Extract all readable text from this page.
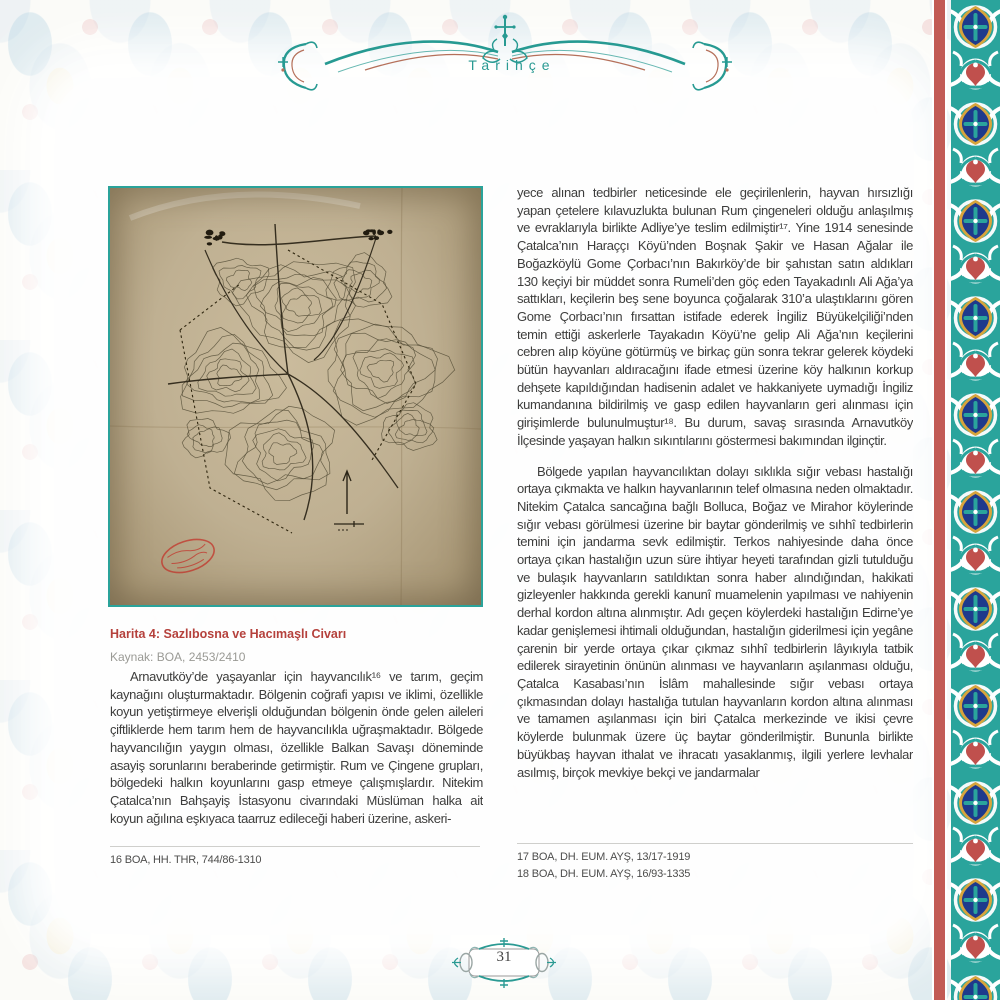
Tarihçe
Harita 4: Sazlıbosna ve Hacımaşlı Civarı
Kaynak: BOA, 2453/2410

Arnavutköy’de yaşayanlar için hayvancılık¹⁶ ve tarım, geçim kaynağını oluşturmaktadır. Bölgenin coğrafi yapısı ve iklimi, özellikle koyun yetiştirmeye elverişli olduğundan bölgenin önde gelen aileleri çiftliklerde hem tarım hem de hayvancılıkla uğraşmaktadır. Bölgede hayvancılığın yaygın olması, özellikle Balkan Savaşı döneminde asayiş sorunlarını beraberinde getirmiştir. Rum ve Çingene grupları, bölgedeki halkın koyunlarını gasp etmeye çalışmışlardır. Nitekim Çatalca’nın Bahşayiş İstasyonu civarındaki Müslüman halka ait koyun ağılına eşkıyaca taarruz edileceği haberi üzerine, askeri-

16 BOA, HH. THR, 744/86-1310

yece alınan tedbirler neticesinde ele geçirilenlerin, hayvan hırsızlığı yapan çetelere kılavuzlukta bulunan Rum çingeneleri olduğu anlaşılmış ve evraklarıyla birlikte Adliye’ye teslim edilmiştir¹⁷. Yine 1914 senesinde Çatalca’nın Haraççı Köyü’nden Boşnak Şakir ve Hasan Ağalar ile Boğazköylü Gome Çorbacı’nın Bakırköy’de bir şahıstan satın aldıkları 130 keçiyi bir müddet sonra Rumeli’den göç eden Tayakadınlı Ali Ağa’ya sattıkları, keçilerin beş sene boyunca çoğalarak 310’a ulaştıklarını gören Gome Çorbacı’nın fırsattan istifade ederek İngiliz Büyükelçiliği’nden temin ettiği askerlerle Tayakadın Köyü’ne gelip Ali Ağa’nın keçilerini cebren alıp köyüne götürmüş ve birkaç gün sonra tekrar gelerek köydeki bütün hayvanları aldıracağını ifade etmesi üzerine köy halkının korkup dehşete kapıldığından hadisenin adalet ve hakkaniyete uymadığı İngiliz kumandanına bildirilmiş ve gasp edilen hayvanların geri alınması için girişimlerde bulunulmuştur¹⁸. Bu durum, savaş sırasında Arnavutköy İlçesinde yaşayan halkın sıkıntılarını göstermesi bakımından ilginçtir.

Bölgede yapılan hayvancılıktan dolayı sıklıkla sığır vebası hastalığı ortaya çıkmakta ve halkın hayvanlarının telef olmasına neden olmaktadır. Nitekim Çatalca sancağına bağlı Bolluca, Boğaz ve Mirahor köylerinde sığır vebası görülmesi üzerine bir baytar gönderilmiş ve sıhhî tedbirlerin temini için jandarma sevk edilmiştir. Terkos nahiyesinde daha önce ortaya çıkan hastalığın uzun süre ihtiyar heyeti tarafından gizli tutulduğu ve bulaşık hayvanların satıldıktan sonra haber alındığından, hakikati gizleyenler hakkında gerekli kanunî muamelenin yapılması ve nahiyenin derhal kordon altına alınmıştır. Adı geçen köylerdeki hastalığın Edirne’ye kadar genişlemesi ihtimali olduğundan, hastalığın giderilmesi için yegâne çarenin bir yerde ortaya çıkar çıkmaz sıhhî tedbirlerin lâyıkıyla tatbik edilerek sirayetinin önünün alınması ve hayvanların aşılanması olduğu, Çatalca Kasabası’nın İslâm mahallesinde sığır vebası ortaya çıkmasından dolayı hastalığa tutulan hayvanların kordon altına alınması ve tamamen aşılanması için biri Çatalca merkezinde ve ikisi çevre köylerde bulunmak üzere üç baytar gönderilmiştir. Bununla birlikte büyükbaş hayvan ithalat ve ihracatı yasaklanmış, ilgili yerlere levhalar asılmış, birçok mevkiye bekçi ve jandarmalar

17 BOA, DH. EUM. AYŞ, 13/17-1919
18 BOA, DH. EUM. AYŞ, 16/93-1335
31
